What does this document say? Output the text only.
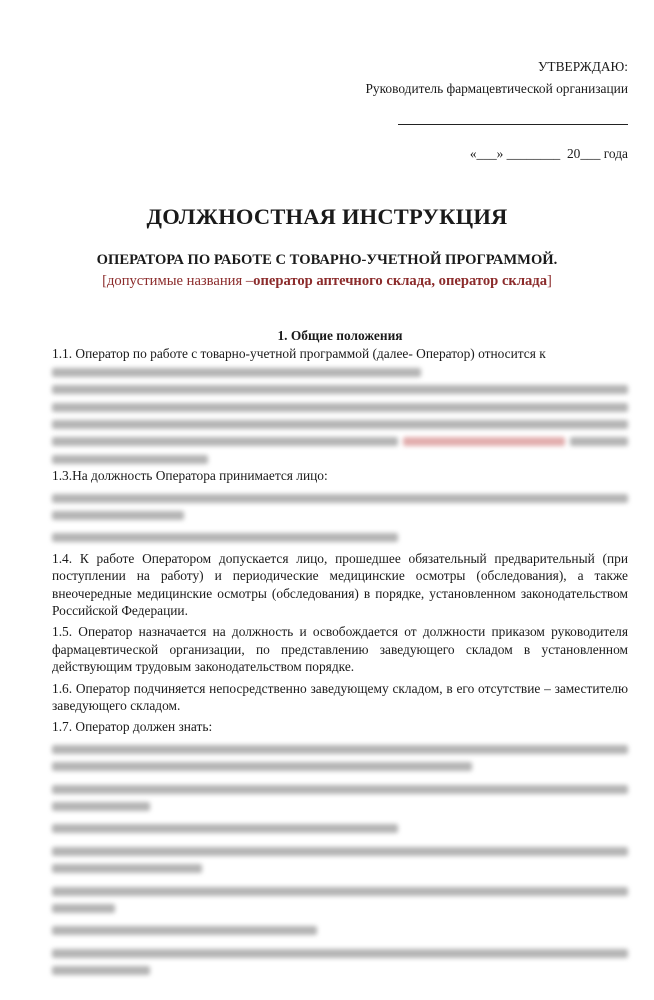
УТВЕРЖДАЮ:
Руководитель фармацевтической организации
«___» ________  20___ года
ДОЛЖНОСТНАЯ ИНСТРУКЦИЯ
ОПЕРАТОРА ПО РАБОТЕ С ТОВАРНО-УЧЕТНОЙ ПРОГРАММОЙ.
[допустимые названия –оператор аптечного склада, оператор склада]
1. Общие положения

1.1. Оператор по работе с товарно-учетной программой (далее- Оператор) относится к

1.3.На должность Оператора принимается лицо:

1.4. К работе Оператором допускается лицо, прошедшее обязательный предварительный (при поступлении на работу) и периодические медицинские осмотры (обследования), а также внеочередные медицинские осмотры (обследования) в порядке, установленном законодательством Российской Федерации.

1.5. Оператор назначается на должность и освобождается от должности приказом руководителя фармацевтической организации, по представлению заведующего складом в установленном действующим трудовым законодательством порядке.

1.6. Оператор подчиняется непосредственно заведующему складом, в его отсутствие – заместителю заведующего складом.

1.7. Оператор должен знать:
